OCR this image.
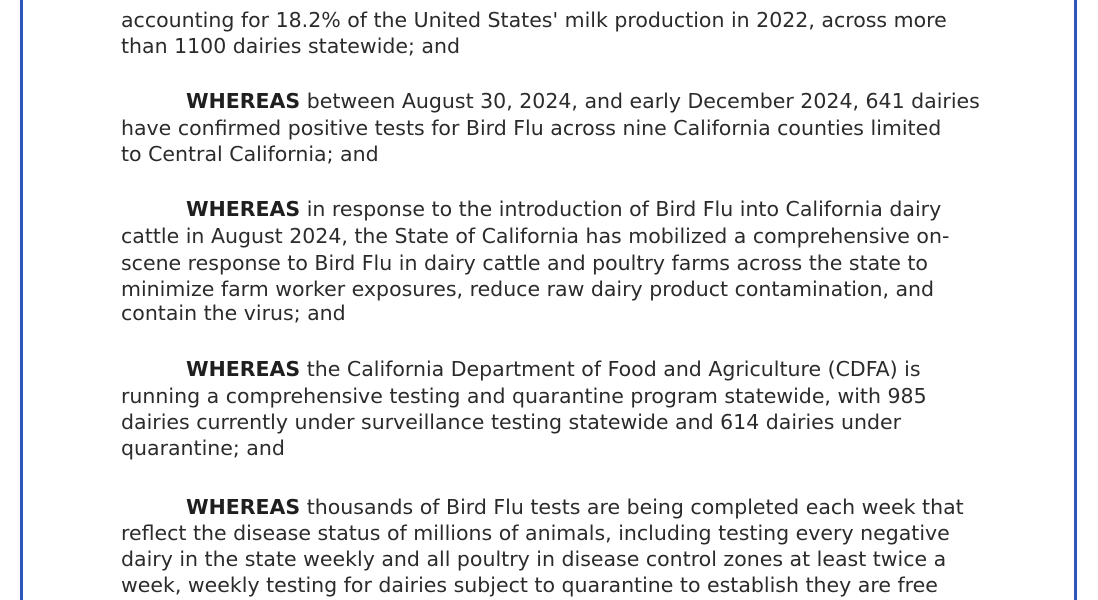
accounting for 18.2% of the United States' milk production in 2022, across more
than 1100 dairies statewide; and
WHEREAS between August 30, 2024, and early December 2024, 641 dairies
have confirmed positive tests for Bird Flu across nine California counties limited
to Central California; and
WHEREAS in response to the introduction of Bird Flu into California dairy
cattle in August 2024, the State of California has mobilized a comprehensive on-
scene response to Bird Flu in dairy cattle and poultry farms across the state to
minimize farm worker exposures, reduce raw dairy product contamination, and
contain the virus; and
WHEREAS the California Department of Food and Agriculture (CDFA) is
running a comprehensive testing and quarantine program statewide, with 985
dairies currently under surveillance testing statewide and 614 dairies under
quarantine; and
WHEREAS thousands of Bird Flu tests are being completed each week that
reflect the disease status of millions of animals, including testing every negative
dairy in the state weekly and all poultry in disease control zones at least twice a
week, weekly testing for dairies subject to quarantine to establish they are free
